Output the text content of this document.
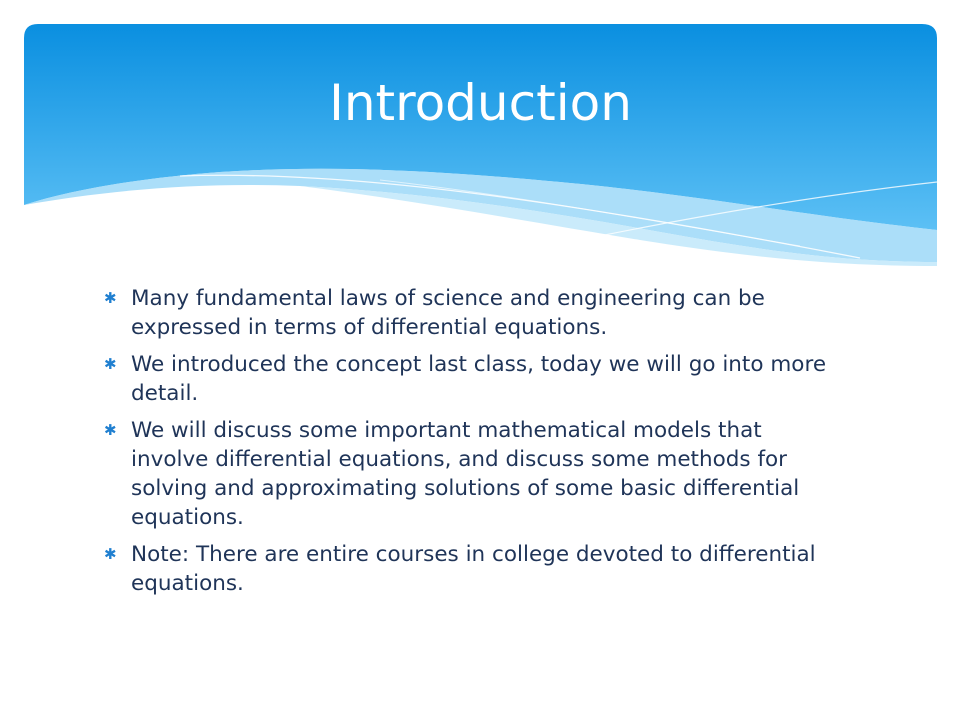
Introduction
✱ Many fundamental laws of science and engineering can be expressed in terms of differential equations.
✱ We introduced the concept last class, today we will go into more detail.
✱ We will discuss some important mathematical models that involve differential equations, and discuss some methods for solving and approximating solutions of some basic differential equations.
✱ Note: There are entire courses in college devoted to differential equations.
